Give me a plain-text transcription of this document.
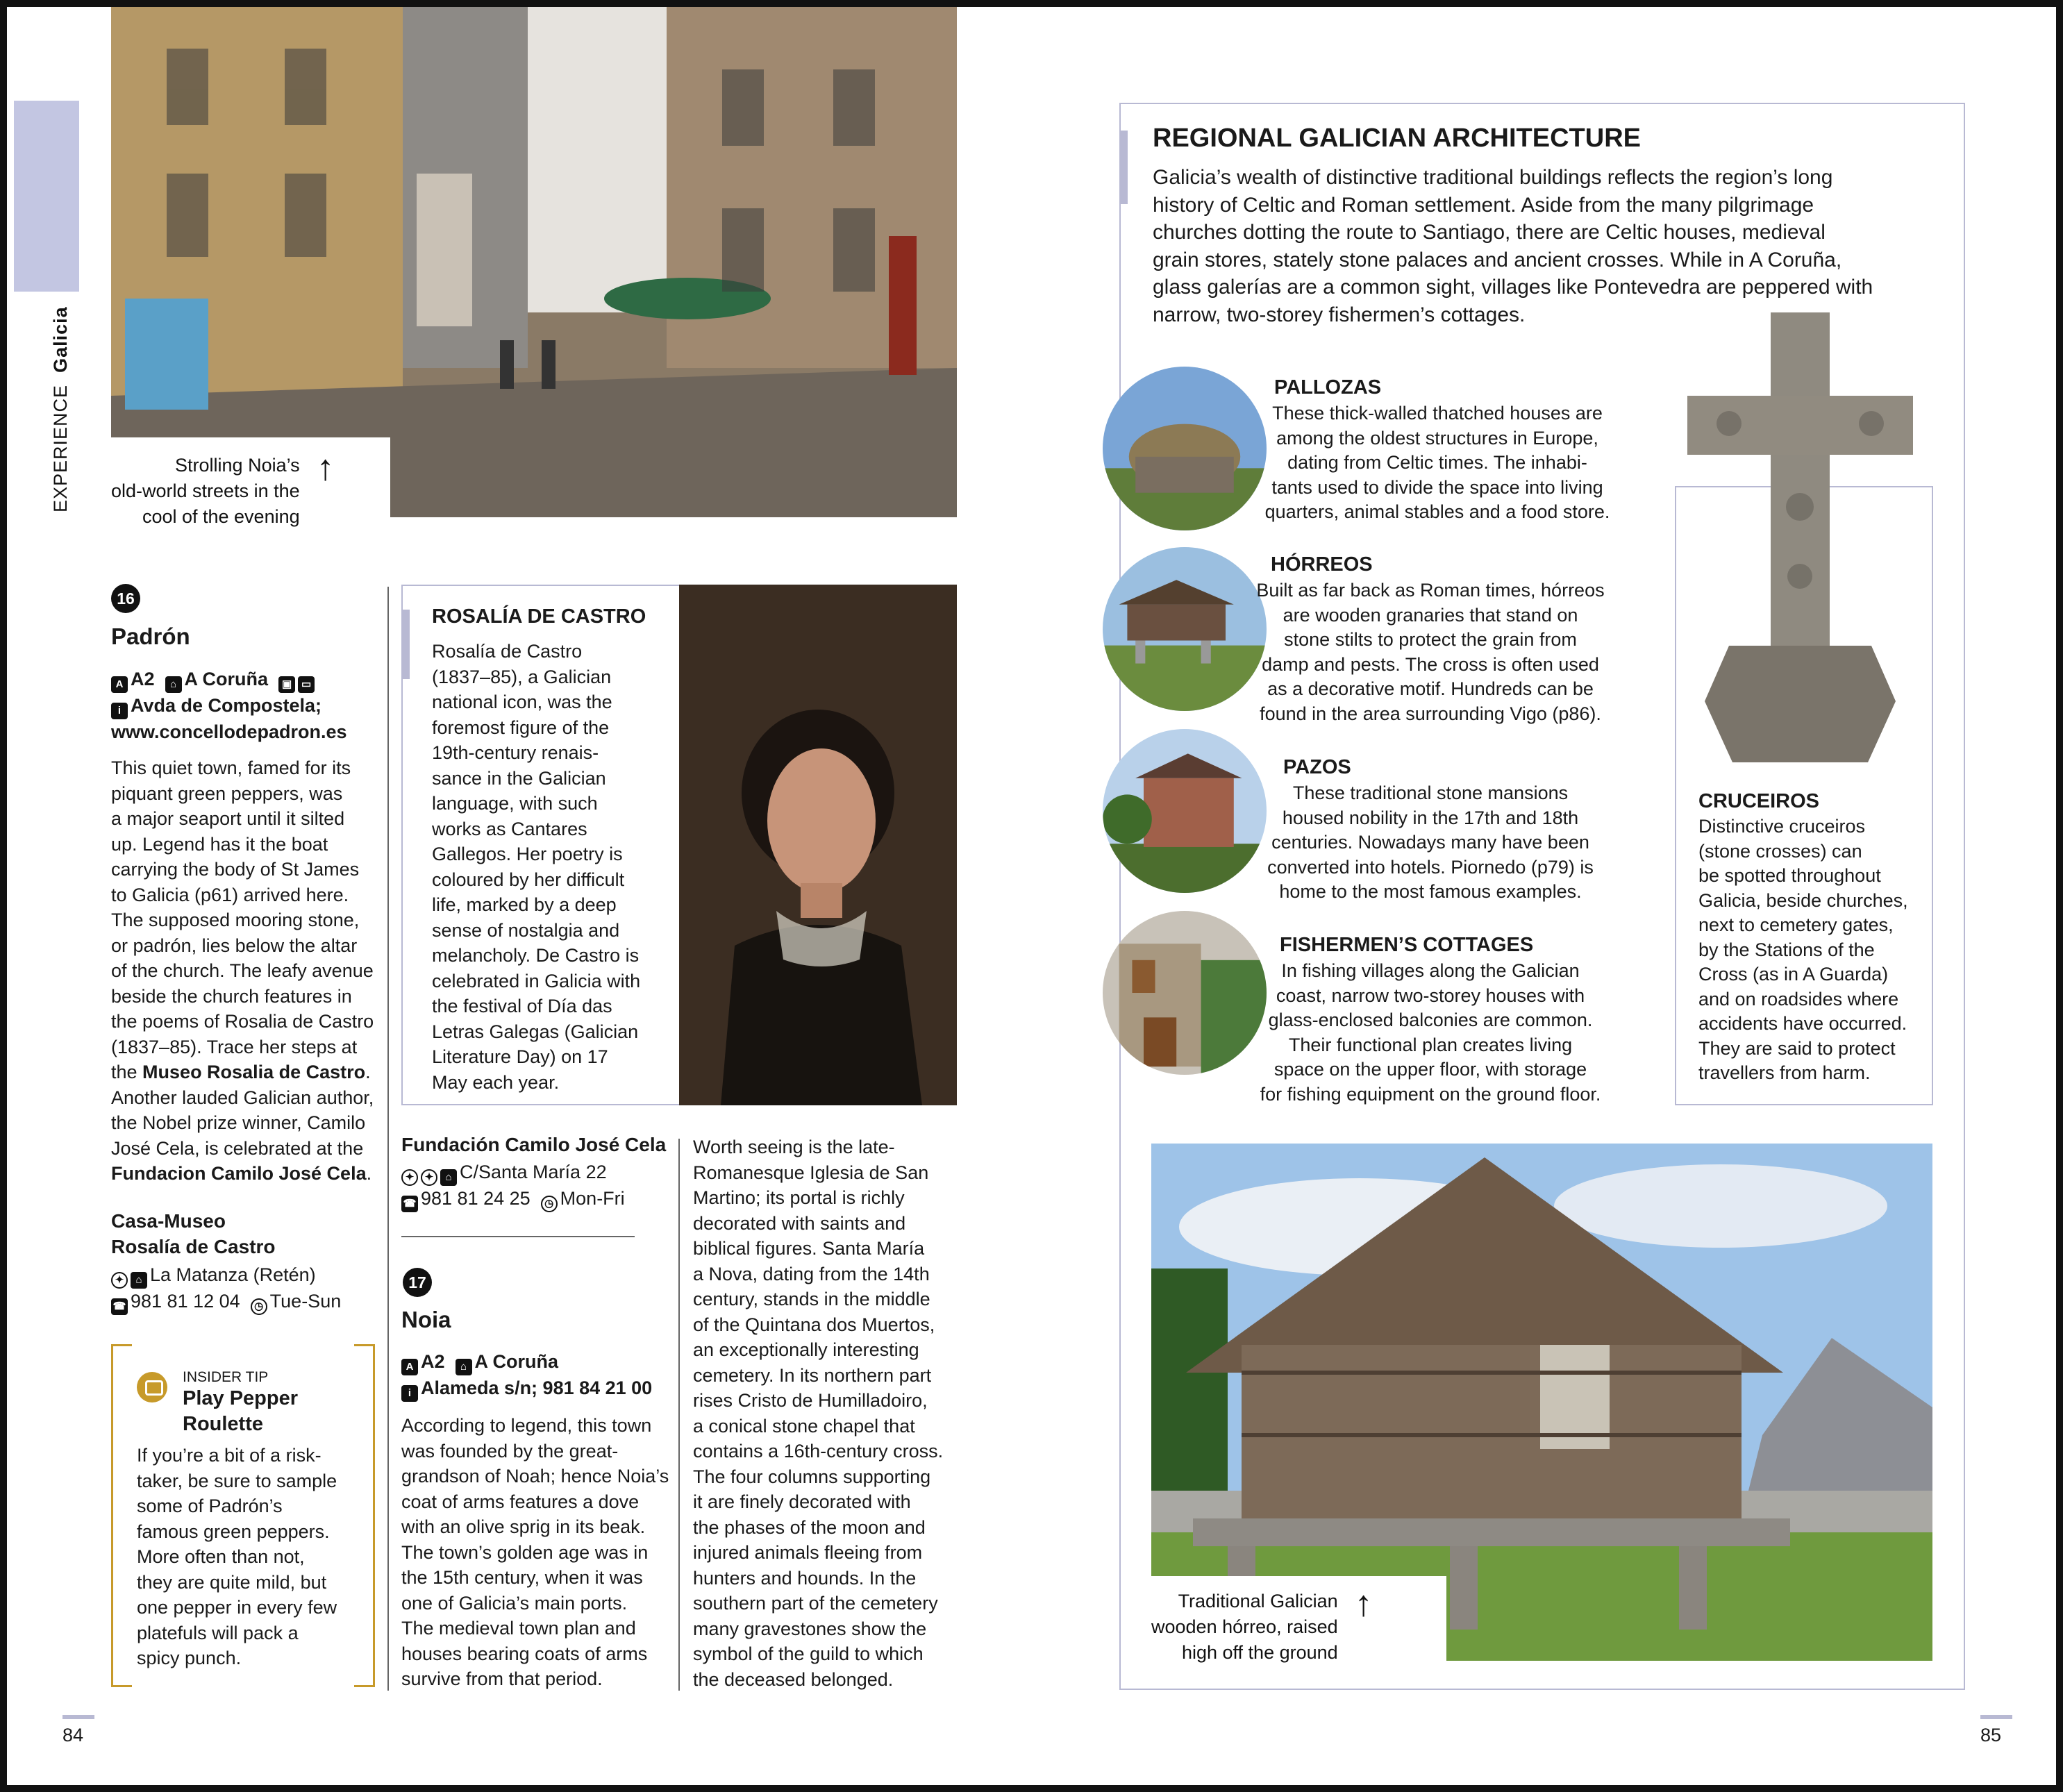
EXPERIENCE  Galicia
Strolling Noia’s
old-world streets in the
cool of the evening
↑
16
Padrón
A A2 ⌂ A Coruña ▣ ▭
i Avda de Compostela;
www.concellodepadron.es
This quiet town, famed for its
piquant green peppers, was
a major seaport until it silted
up. Legend has it the boat
carrying the body of St James
to Galicia (p61) arrived here.
The supposed mooring stone,
or padrón, lies below the altar
of the church. The leafy avenue
beside the church features in
the poems of Rosalia de Castro
(1837–85). Trace her steps at
the Museo Rosalia de Castro.
Another lauded Galician author,
the Nobel prize winner, Camilo
José Cela, is celebrated at the
Fundacion Camilo José Cela.
Casa-Museo
Rosalía de Castro
✦ ⌂ La Matanza (Retén)
☎ 981 81 12 04 ◷ Tue-Sun
INSIDER TIP
Play Pepper
Roulette
If you’re a bit of a risk-
taker, be sure to sample
some of Padrón’s
famous green peppers.
More often than not,
they are quite mild, but
one pepper in every few
platefuls will pack a
spicy punch.
ROSALÍA DE CASTRO
Rosalía de Castro
(1837–85), a Galician
national icon, was the
foremost figure of the
19th-century renais-
sance in the Galician
language, with such
works as Cantares
Gallegos. Her poetry is
coloured by her difficult
life, marked by a deep
sense of nostalgia and
melancholy. De Castro is
celebrated in Galicia with
the festival of Día das
Letras Galegas (Galician
Literature Day) on 17
May each year.
Fundación Camilo José Cela
✦ ✦ ⌂ C/Santa María 22
☎ 981 81 24 25 ◷ Mon-Fri
17
Noia
A A2 ⌂ A Coruña
i Alameda s/n; 981 84 21 00
According to legend, this town
was founded by the great-
grandson of Noah; hence Noia’s
coat of arms features a dove
with an olive sprig in its beak.
The town’s golden age was in
the 15th century, when it was
one of Galicia’s main ports.
The medieval town plan and
houses bearing coats of arms
survive from that period.
Worth seeing is the late-
Romanesque Iglesia de San
Martino; its portal is richly
decorated with saints and
biblical figures. Santa María
a Nova, dating from the 14th
century, stands in the middle
of the Quintana dos Muertos,
an exceptionally interesting
cemetery. In its northern part
rises Cristo de Humilladoiro,
a conical stone chapel that
contains a 16th-century cross.
The four columns supporting
it are finely decorated with
the phases of the moon and
injured animals fleeing from
hunters and hounds. In the
southern part of the cemetery
many gravestones show the
symbol of the guild to which
the deceased belonged.
REGIONAL GALICIAN ARCHITECTURE
Galicia’s wealth of distinctive traditional buildings reflects the region’s long
history of Celtic and Roman settlement. Aside from the many pilgrimage
churches dotting the route to Santiago, there are Celtic houses, medieval
grain stores, stately stone palaces and ancient crosses. While in A Coruña,
glass galerías are a common sight, villages like Pontevedra are peppered with
narrow, two-storey fishermen’s cottages.
PALLOZAS
These thick-walled thatched houses are
among the oldest structures in Europe,
dating from Celtic times. The inhabi-
tants used to divide the space into living
quarters, animal stables and a food store.
HÓRREOS
Built as far back as Roman times, hórreos
are wooden granaries that stand on
stone stilts to protect the grain from
damp and pests. The cross is often used
as a decorative motif. Hundreds can be
found in the area surrounding Vigo (p86).
PAZOS
These traditional stone mansions
housed nobility in the 17th and 18th
centuries. Nowadays many have been
converted into hotels. Piornedo (p79) is
home to the most famous examples.
FISHERMEN’S COTTAGES
In fishing villages along the Galician
coast, narrow two-storey houses with
glass-enclosed balconies are common.
Their functional plan creates living
space on the upper floor, with storage
for fishing equipment on the ground floor.
CRUCEIROS
Distinctive cruceiros
(stone crosses) can
be spotted throughout
Galicia, beside churches,
next to cemetery gates,
by the Stations of the
Cross (as in A Guarda)
and on roadsides where
accidents have occurred.
They are said to protect
travellers from harm.
Traditional Galician
wooden hórreo, raised
high off the ground
↑
84	85
